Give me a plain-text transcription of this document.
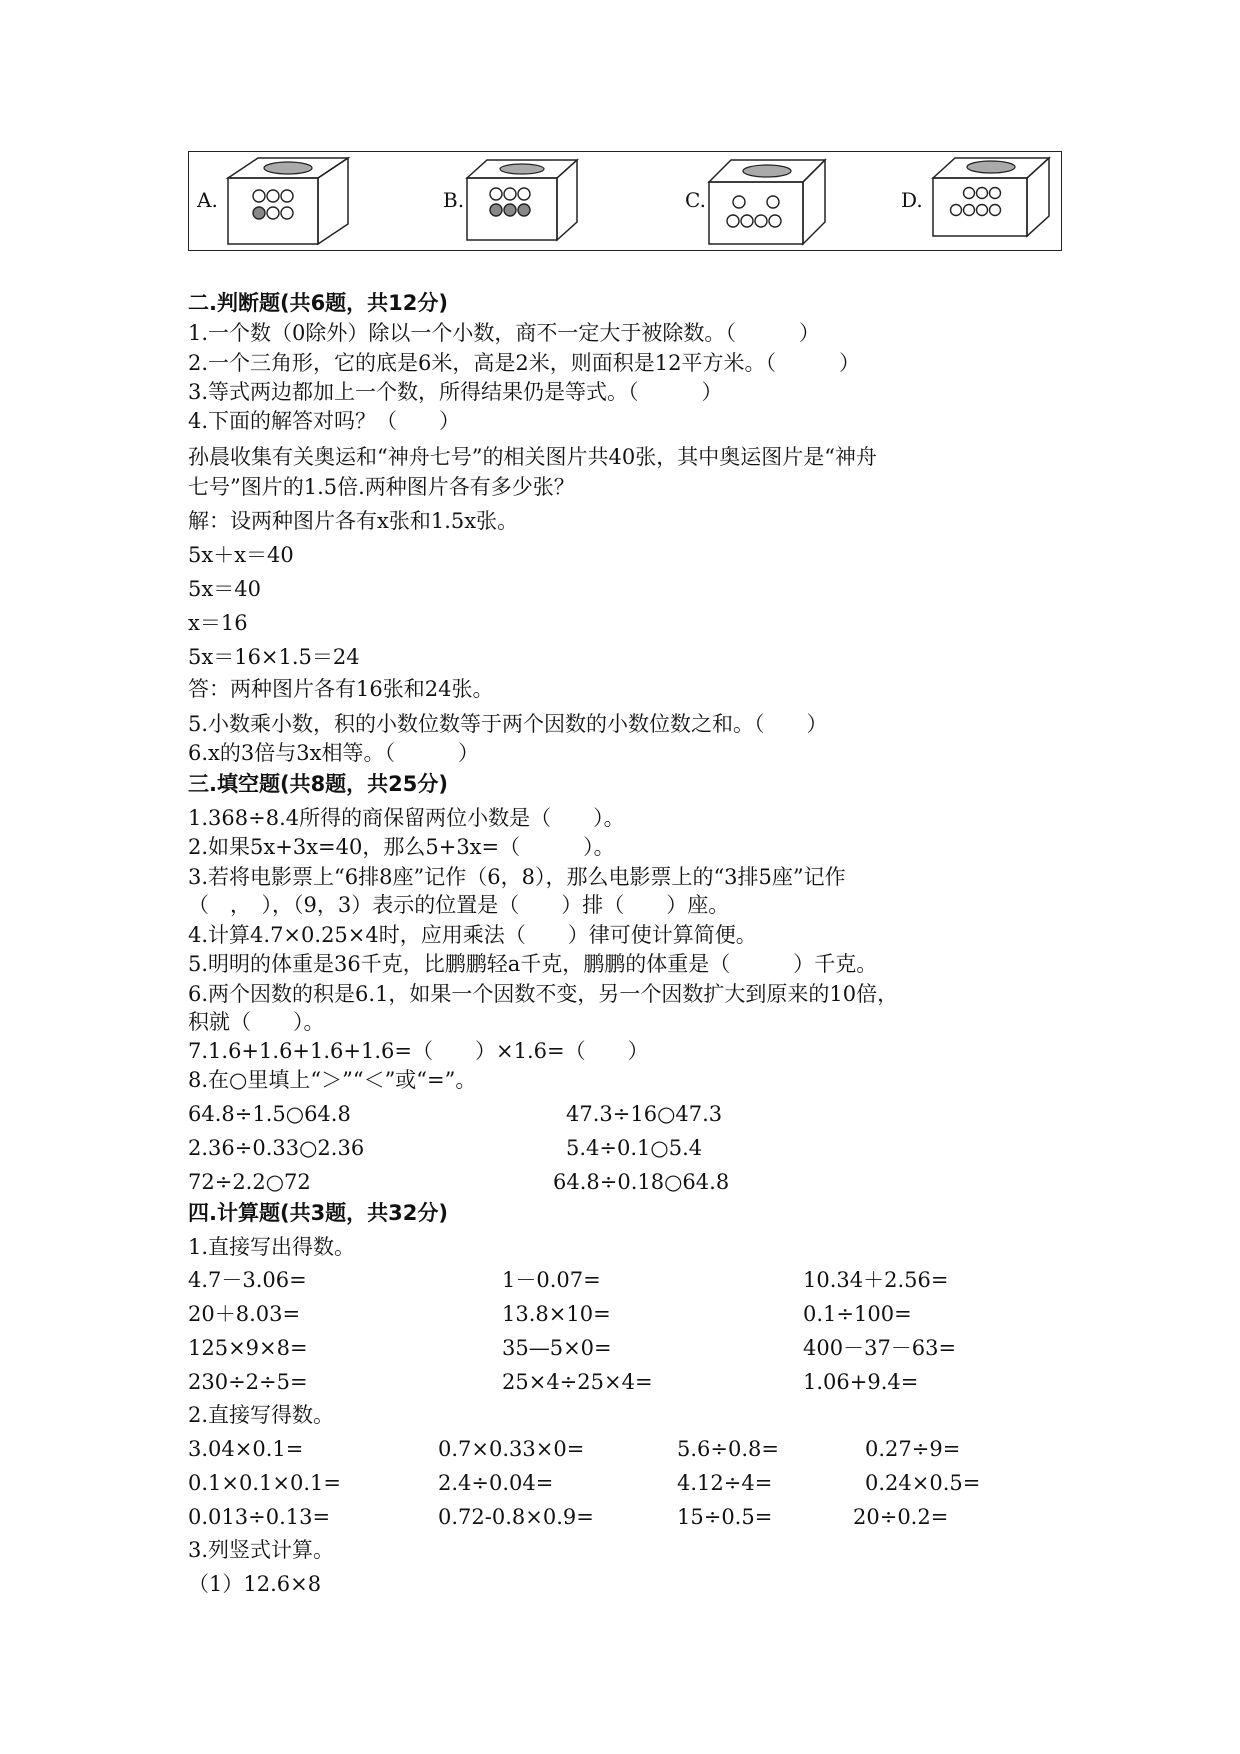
A.	B.	C.	D.
二.判断题(共6题，共12分)
1.一个数（0除外）除以一个小数，商不一定大于被除数。（　　　）
2.一个三角形，它的底是6米，高是2米，则面积是12平方米。（　　　）
3.等式两边都加上一个数，所得结果仍是等式。（　　　）
4.下面的解答对吗？（　　）
孙晨收集有关奥运和“神舟七号”的相关图片共40张，其中奥运图片是“神舟
七号”图片的1.5倍.两种图片各有多少张？
解：设两种图片各有x张和1.5x张。
5x＋x＝40
5x＝40
x＝16
5x＝16×1.5＝24
答：两种图片各有16张和24张。
5.小数乘小数，积的小数位数等于两个因数的小数位数之和。（　　）
6.x的3倍与3x相等。（　　　）
三.填空题(共8题，共25分)
1.368÷8.4所得的商保留两位小数是（　　）。
2.如果5x+3x=40，那么5+3x=（　　　）。
3.若将电影票上“6排8座”记作（6，8），那么电影票上的“3排5座”记作
（　，　），（9，3）表示的位置是（　　）排（　　）座。
4.计算4.7×0.25×4时，应用乘法（　　）律可使计算简便。
5.明明的体重是36千克，比鹏鹏轻a千克，鹏鹏的体重是（　　　）千克。
6.两个因数的积是6.1，如果一个因数不变，另一个因数扩大到原来的10倍，
积就（　　）。
7.1.6+1.6+1.6+1.6=（　　）×1.6=（　　）
8.在○里填上“＞”“＜”或“=”。
64.8÷1.5○64.8	47.3÷16○47.3
2.36÷0.33○2.36	5.4÷0.1○5.4
72÷2.2○72	64.8÷0.18○64.8
四.计算题(共3题，共32分)
1.直接写出得数。
4.7－3.06=	1－0.07=	10.34＋2.56=
20＋8.03=	13.8×10=	0.1÷100=
125×9×8=	35—5×0=	400－37－63=
230÷2÷5=	25×4÷25×4=	1.06+9.4=
2.直接写得数。
3.04×0.1=	0.7×0.33×0=	5.6÷0.8=	0.27÷9=
0.1×0.1×0.1=	2.4÷0.04=	4.12÷4=	0.24×0.5=
0.013÷0.13=	0.72-0.8×0.9=	15÷0.5=	20÷0.2=
3.列竖式计算。
（1）12.6×8
